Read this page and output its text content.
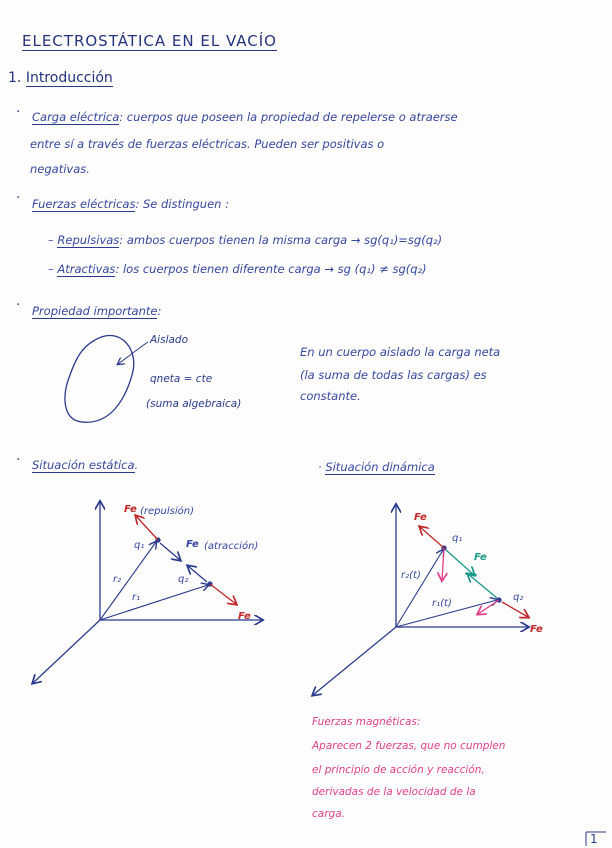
ELECTROSTÁTICA EN EL VACÍO
1. Introducción
· Carga eléctrica: cuerpos que poseen la propiedad de repelerse o atraerse
entre sí a través de fuerzas eléctricas. Pueden ser positivas o
negativas.
· Fuerzas eléctricas: Se distinguen :
– Repulsivas: ambos cuerpos tienen la misma carga → sg(q₁)=sg(q₂)
– Atractivas: los cuerpos tienen diferente carga → sg (q₁) ≠ sg(q₂)
· Propiedad importante:
Aislado
qneta = cte
(suma algebraica)
En un cuerpo aislado la carga neta
(la suma de todas las cargas) es
constante.
· Situación estática.
Fe (repulsión)
Fe (atracción)
q₁
q₂
r₂
r₁
Fe
· Situación dinámica
Fe
q₁
Fe
r₂(t)
r₁(t)
q₂
Fe
Fuerzas magnéticas:
Aparecen 2 fuerzas, que no cumplen
el principio de acción y reacción,
derivadas de la velocidad de la
carga.
1
